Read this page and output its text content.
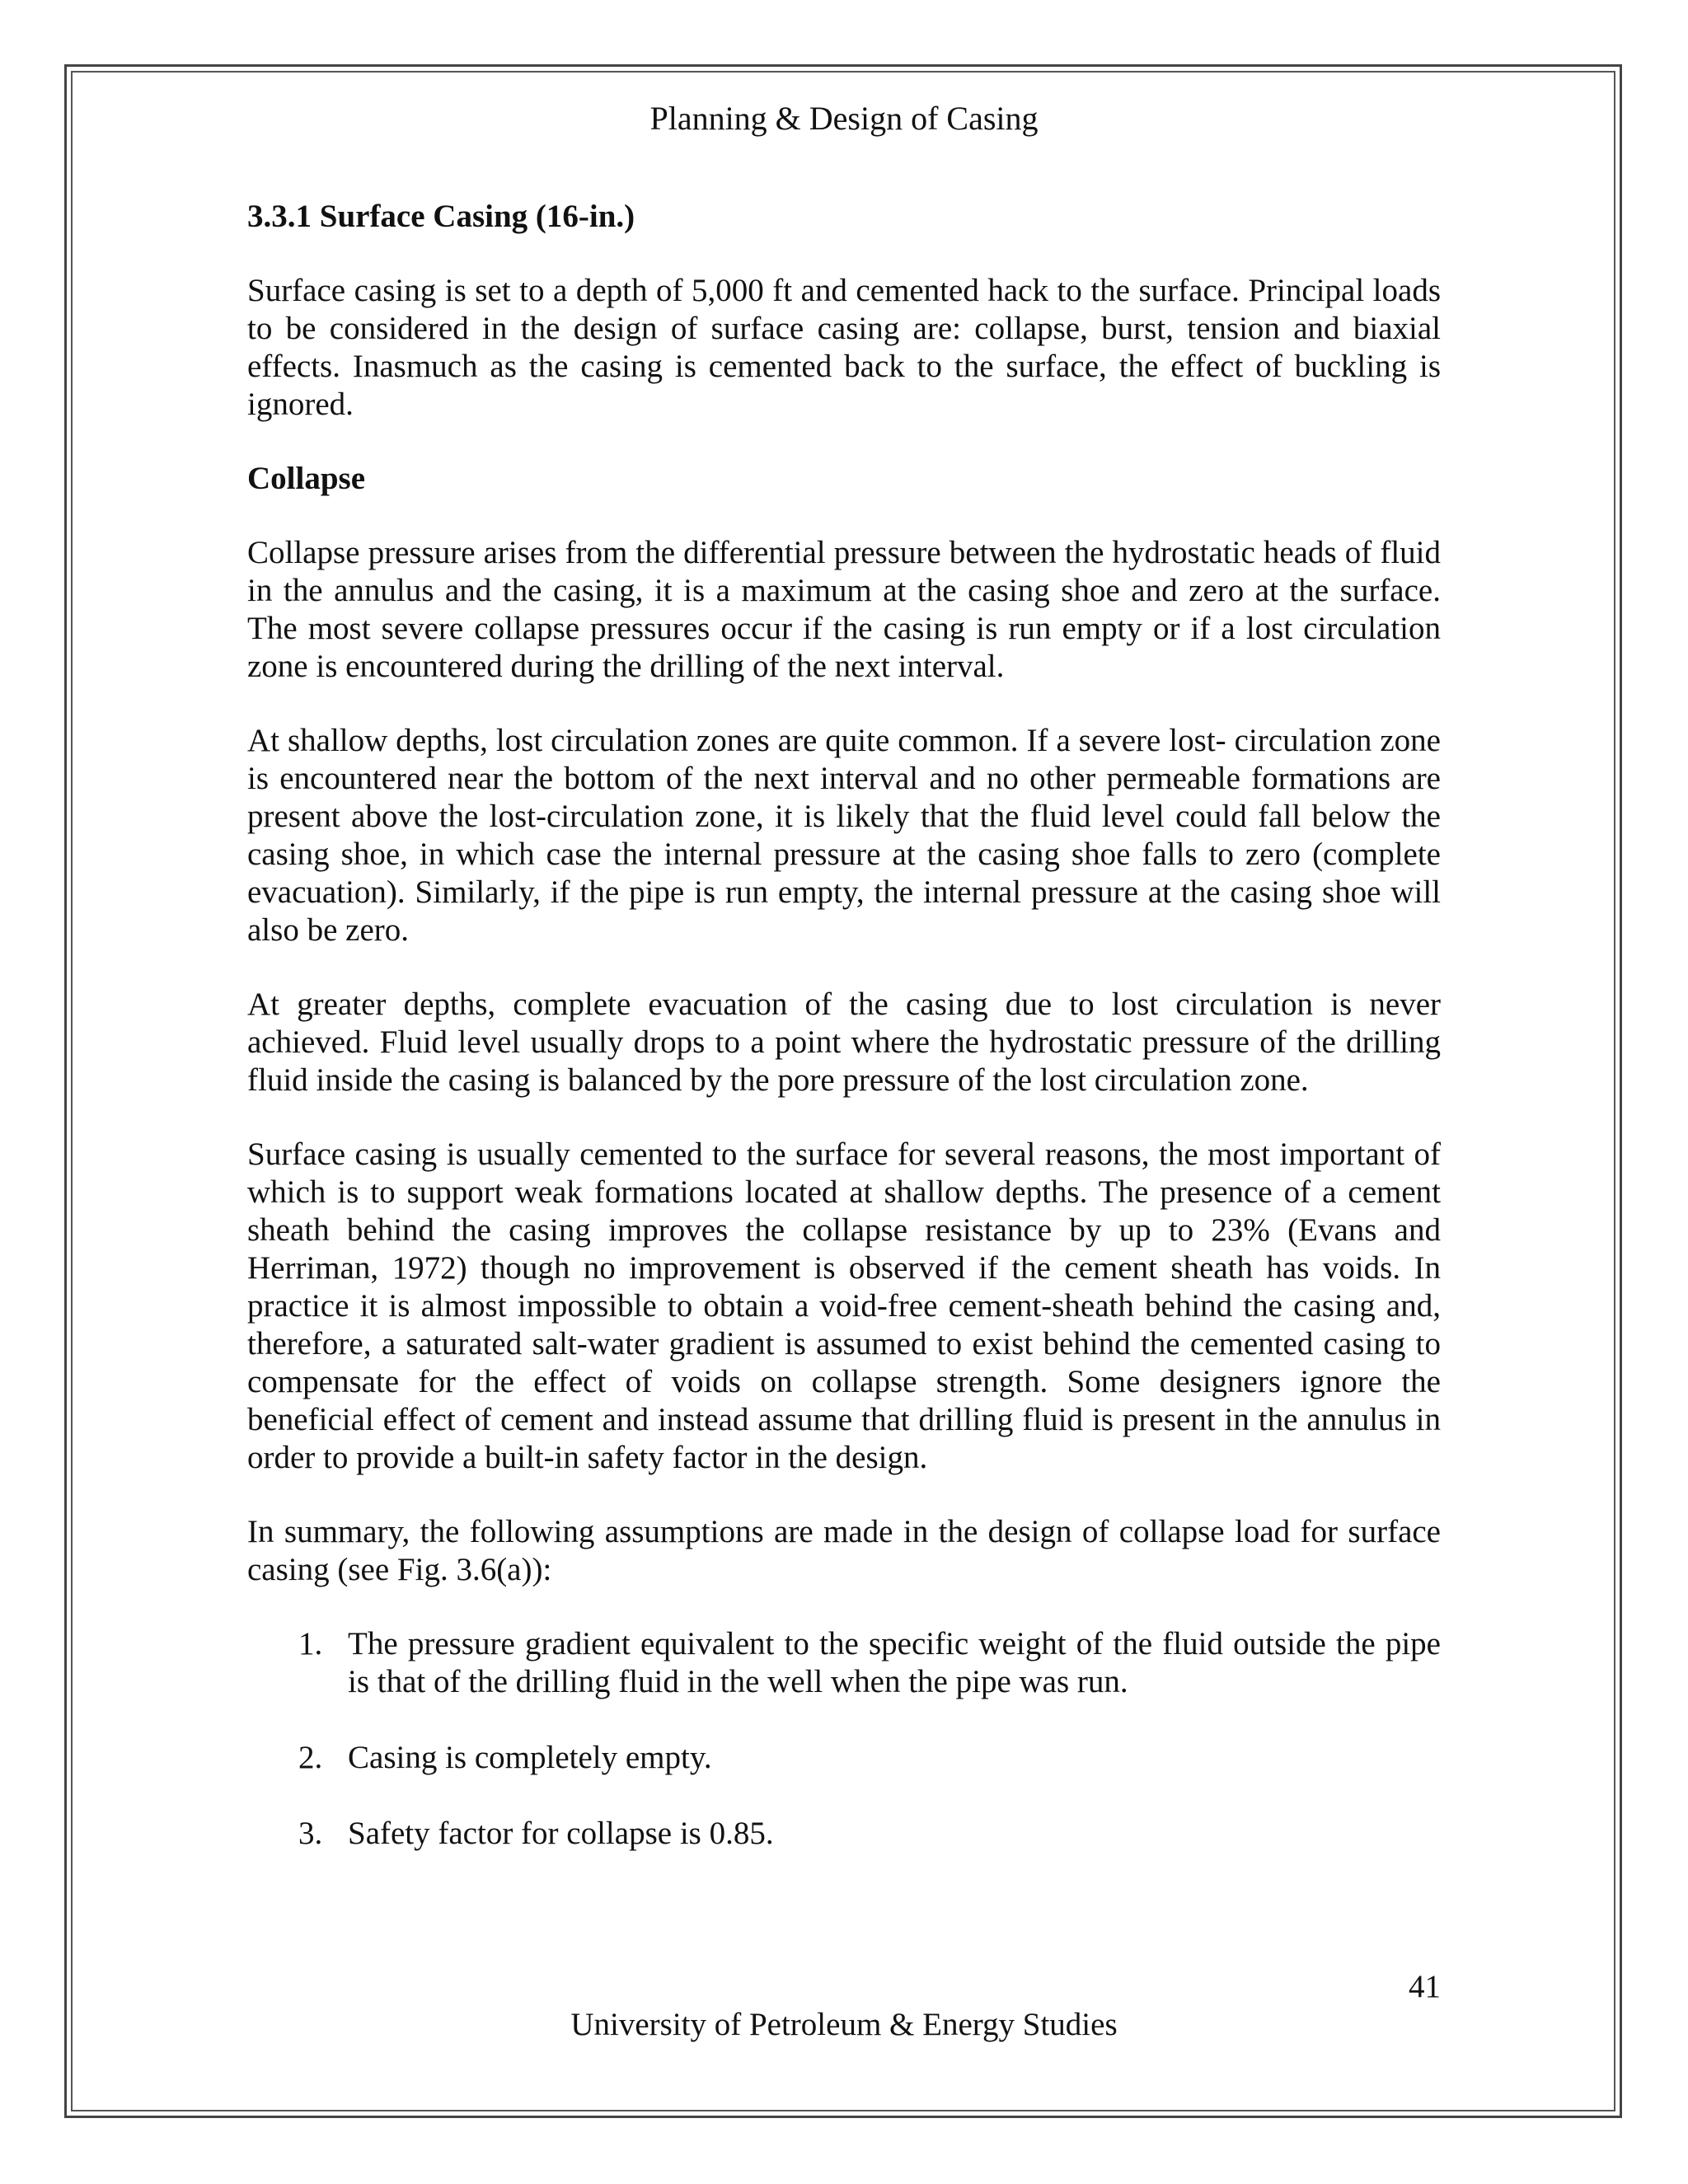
Planning & Design of Casing
3.3.1 Surface Casing (16-in.)

Surface casing is set to a depth of 5,000 ft and cemented hack to the surface. Principal loads to be considered in the design of surface casing are: collapse, burst, tension and biaxial effects. Inasmuch as the casing is cemented back to the surface, the effect of buckling is ignored.

Collapse

Collapse pressure arises from the differential pressure between the hydrostatic heads of fluid in the annulus and the casing, it is a maximum at the casing shoe and zero at the surface. The most severe collapse pressures occur if the casing is run empty or if a lost circulation zone is encountered during the drilling of the next interval.

At shallow depths, lost circulation zones are quite common. If a severe lost- circulation zone is encountered near the bottom of the next interval and no other permeable formations are present above the lost-circulation zone, it is likely that the fluid level could fall below the casing shoe, in which case the internal pressure at the casing shoe falls to zero (complete evacuation). Similarly, if the pipe is run empty, the internal pressure at the casing shoe will also be zero.

At greater depths, complete evacuation of the casing due to lost circulation is never achieved. Fluid level usually drops to a point where the hydrostatic pressure of the drilling fluid inside the casing is balanced by the pore pressure of the lost circulation zone.

Surface casing is usually cemented to the surface for several reasons, the most important of which is to support weak formations located at shallow depths. The presence of a cement sheath behind the casing improves the collapse resistance by up to 23% (Evans and Herriman, 1972) though no improvement is observed if the cement sheath has voids. In practice it is almost impossible to obtain a void-free cement-sheath behind the casing and, therefore, a saturated salt-water gradient is assumed to exist behind the cemented casing to compensate for the effect of voids on collapse strength. Some designers ignore the beneficial effect of cement and instead assume that drilling fluid is present in the annulus in order to provide a built-in safety factor in the design.

In summary, the following assumptions are made in the design of collapse load for surface casing (see Fig. 3.6(a)):

1. The pressure gradient equivalent to the specific weight of the fluid outside the pipe is that of the drilling fluid in the well when the pipe was run.
2. Casing is completely empty.
3. Safety factor for collapse is 0.85.
41
University of Petroleum & Energy Studies
